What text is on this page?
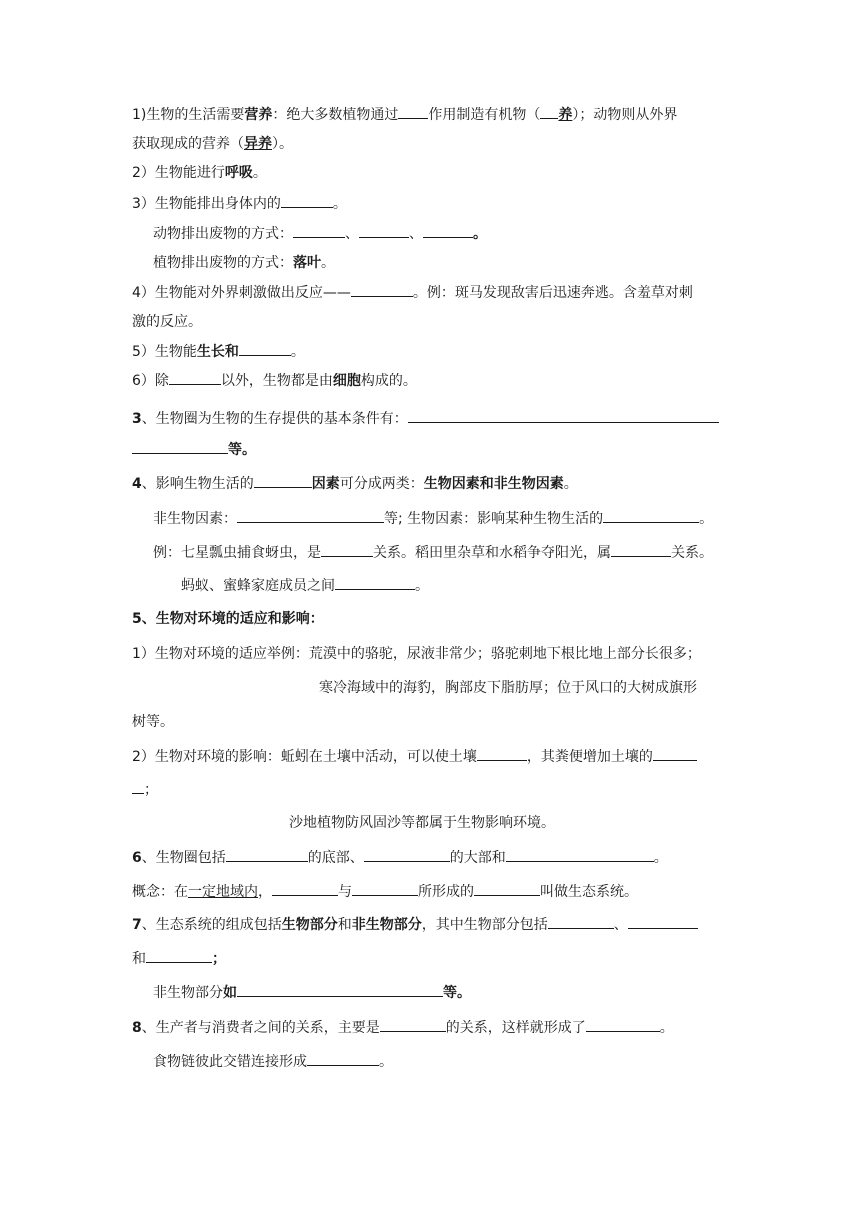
1)生物的生活需要营养：绝大多数植物通过 作用制造有机物（ 养）；动物则从外界
获取现成的营养（异养）。
2）生物能进行呼吸。
3）生物能排出身体内的	。
动物排出废物的方式：	、	、	。
植物排出废物的方式：落叶。
4）生物能对外界刺激做出反应——	。例：斑马发现敌害后迅速奔逃。含羞草对刺
激的反应。
5）生物能生长和	。
6）除	以外，生物都是由细胞构成的。
3、生物圈为生物的生存提供的基本条件有：
等。
4、影响生物生活的	因素可分成两类：生物因素和非生物因素。
非生物因素：	等; 生物因素：影响某种生物生活的	。
例：七星瓢虫捕食蚜虫，是	关系。稻田里杂草和水稻争夺阳光，属	关系。
蚂蚁、蜜蜂家庭成员之间	。
5、生物对环境的适应和影响：
1）生物对环境的适应举例：荒漠中的骆驼，尿液非常少；骆驼刺地下根比地上部分长很多；
寒冷海域中的海豹，胸部皮下脂肪厚；位于风口的大树成旗形
树等。
2）生物对环境的影响：蚯蚓在土壤中活动，可以使土壤	，其粪便增加土壤的
；
沙地植物防风固沙等都属于生物影响环境。
6、生物圈包括	的底部、	的大部和	。
概念：在一定地域内，	与	所形成的	叫做生态系统。
7、生态系统的组成包括生物部分和非生物部分，其中生物部分包括	、
和	；
非生物部分如	等。
8、生产者与消费者之间的关系，主要是	的关系，这样就形成了	。
食物链彼此交错连接形成	。
